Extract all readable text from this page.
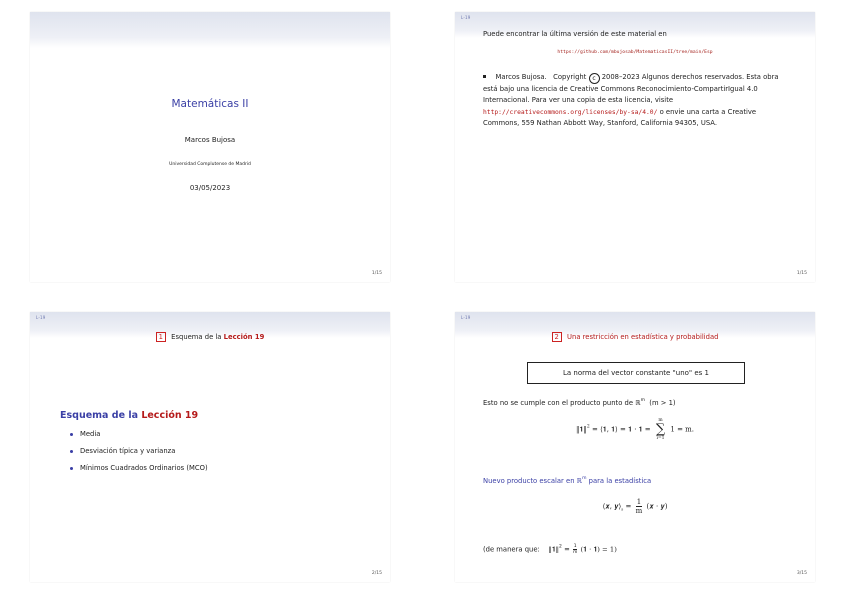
Matemáticas II
Marcos Bujosa
Universidad Complutense de Madrid
03/05/2023
1/15
L-19
Puede encontrar la última versión de este material en
https://github.com/mbujosab/MatematicasII/tree/main/Esp
Marcos Bujosa. Copyright c 2008–2023 Algunos derechos reservados. Esta obra está bajo una licencia de Creative Commons Reconocimiento-CompartirIgual 4.0 Internacional. Para ver una copia de esta licencia, visite http://creativecommons.org/licenses/by-sa/4.0/ o envie una carta a Creative Commons, 559 Nathan Abbott Way, Stanford, California 94305, USA.
1/15
L-19
1 Esquema de la Lección 19
Esquema de la Lección 19
Media
Desviación típica y varianza
Mínimos Cuadrados Ordinarios (MCO)
2/15
L-19
2 Una restricción en estadística y probabilidad
La norma del vector constante "uno" es 1
Esto no se cumple con el producto punto de ℝ$^m$ (m > 1)
‖𝟏‖$^2$ = ⟨𝟏, 𝟏⟩ = 𝟏 · 𝟏 =
m
∑
i=1
1 = m.
Nuevo producto escalar en ℝ$^m$ para la estadística
⟨𝒙, $𝒚⟩_s = \frac{1}{m}$ (𝒙 · 𝒚)
(de manera que: ‖𝟏‖$^2$ = $\frac{1}{m}$ (𝟏 · 𝟏) = 1)
3/15
